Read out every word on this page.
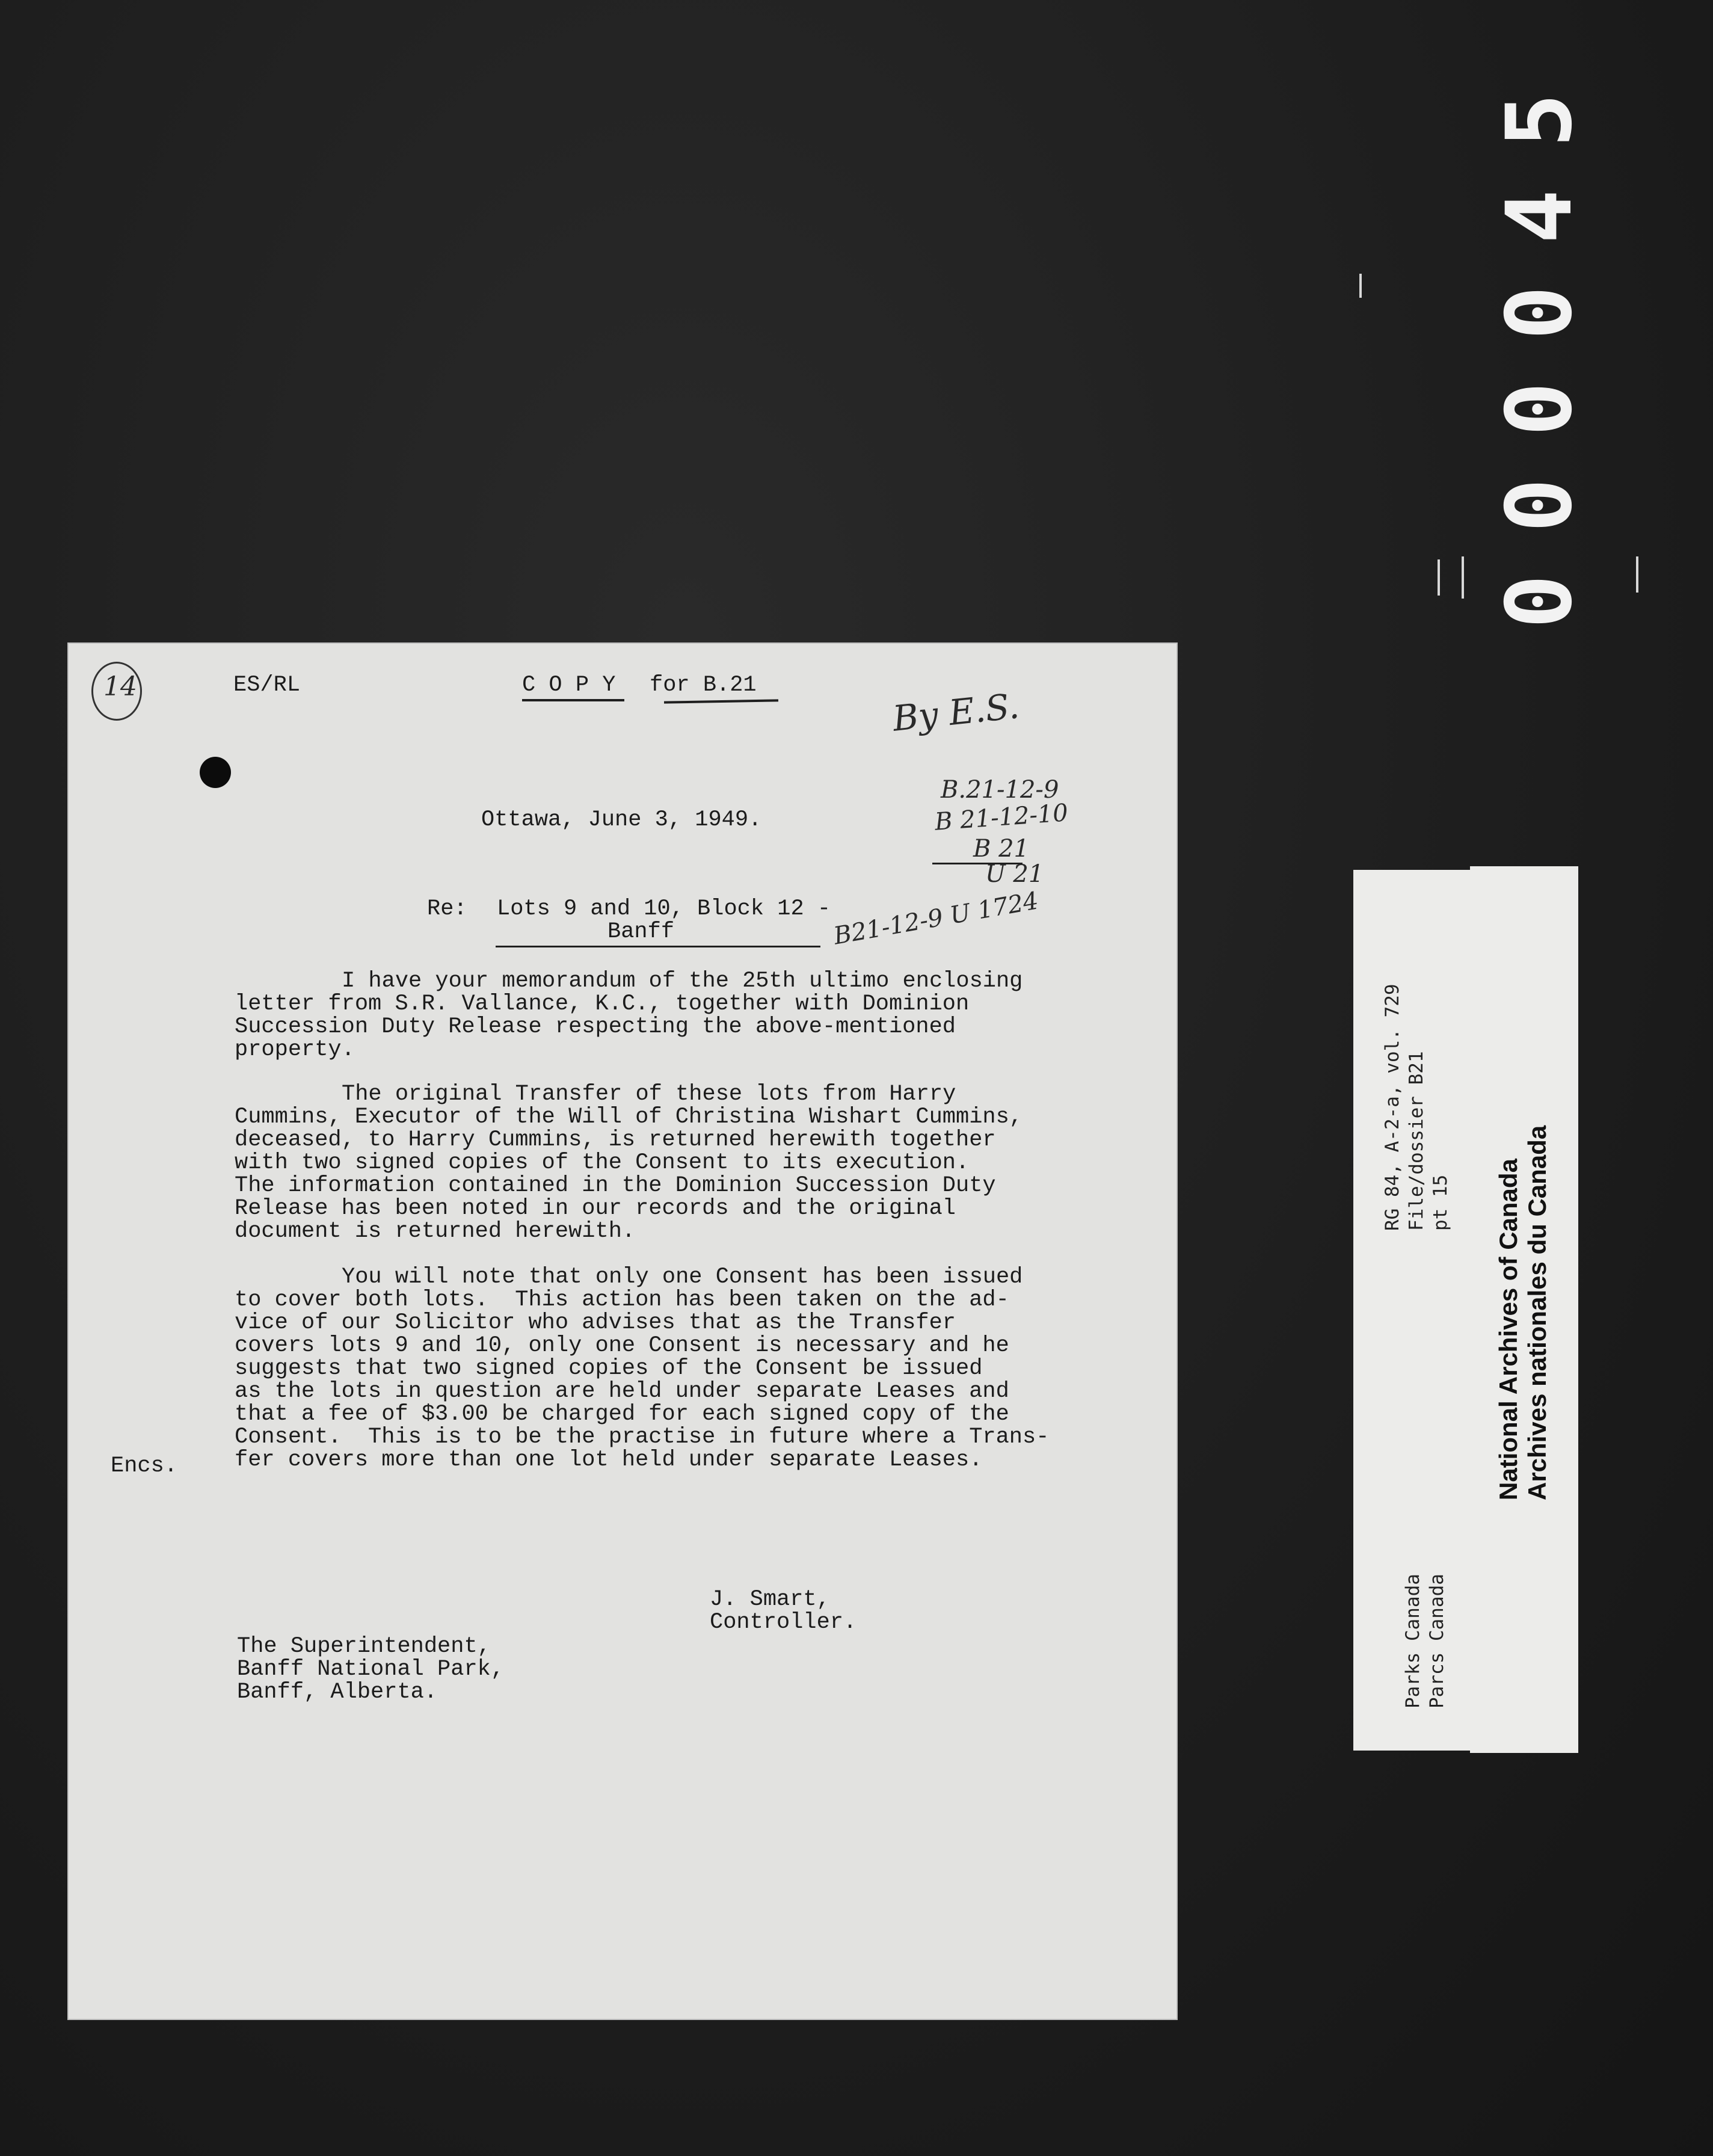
5
4
0
0
0
0
14	ES/RL	C O P Y for B.21
By E.S.
Ottawa, June 3, 1949.
B.21-12-9
B 21-12-10
B 21
U 21
B21-12-9 U 1724
Re: Lots 9 and 10, Block 12 -
Banff
I have your memorandum of the 25th ultimo enclosing
letter from S.R. Vallance, K.C., together with Dominion
Succession Duty Release respecting the above-mentioned
property.
The original Transfer of these lots from Harry
Cummins, Executor of the Will of Christina Wishart Cummins,
deceased, to Harry Cummins, is returned herewith together
with two signed copies of the Consent to its execution.
The information contained in the Dominion Succession Duty
Release has been noted in our records and the original
document is returned herewith.
You will note that only one Consent has been issued
to cover both lots.  This action has been taken on the ad-
vice of our Solicitor who advises that as the Transfer
covers lots 9 and 10, only one Consent is necessary and he
suggests that two signed copies of the Consent be issued
as the lots in question are held under separate Leases and
that a fee of $3.00 be charged for each signed copy of the
Consent.  This is to be the practise in future where a Trans-
fer covers more than one lot held under separate Leases.
Encs.
J. Smart,
Controller.
The Superintendent,
Banff National Park,
Banff, Alberta.
RG 84, A-2-a, vol. 729 File/dossier B21 pt 15
Parks Canada Parcs Canada
National Archives of Canada Archives nationales du Canada
